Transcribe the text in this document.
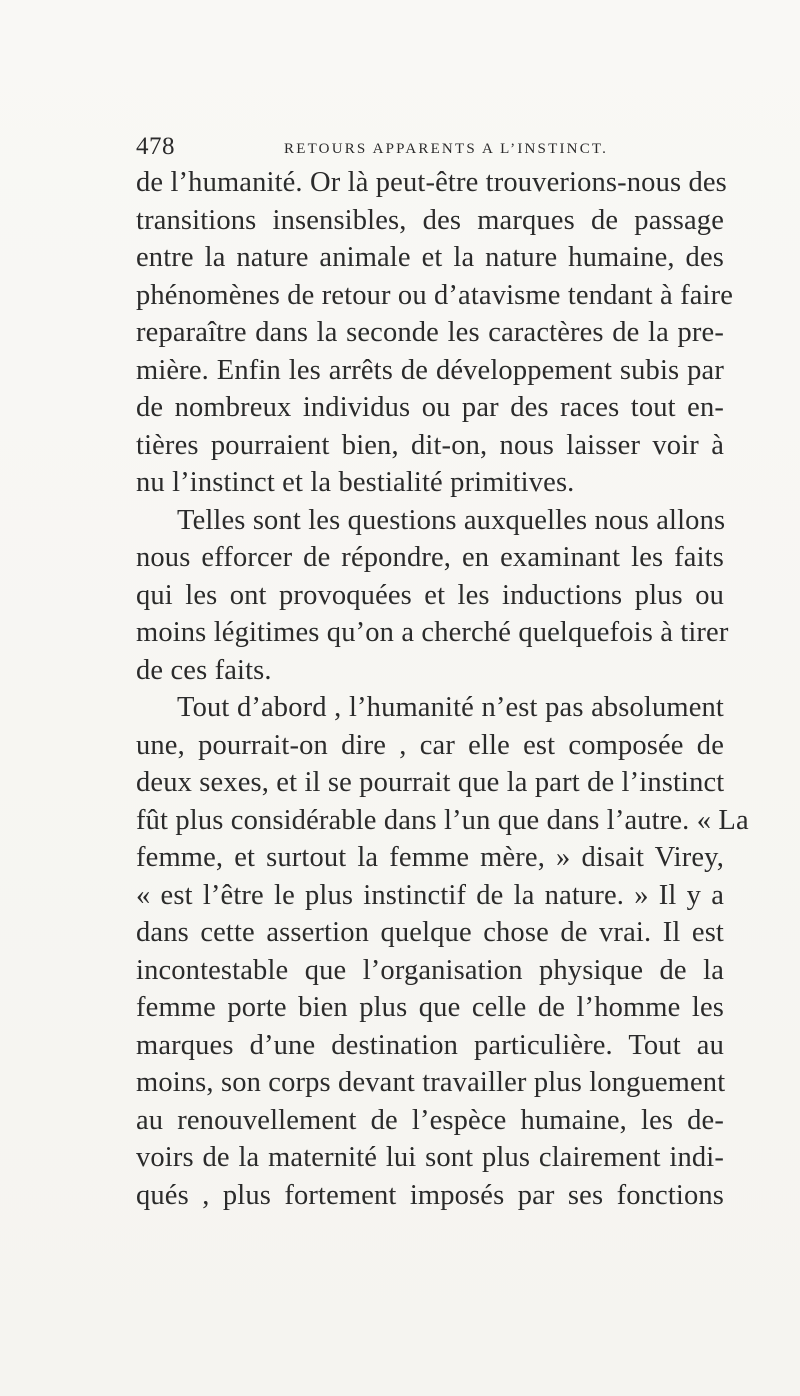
478	RETOURS APPARENTS A L’INSTINCT.
de l’humanité. Or là peut-être trouverions-nous des
transitions insensibles, des marques de passage
entre la nature animale et la nature humaine, des
phénomènes de retour ou d’atavisme tendant à faire
reparaître dans la seconde les caractères de la pre-
mière. Enfin les arrêts de développement subis par
de nombreux individus ou par des races tout en-
tières pourraient bien, dit-on, nous laisser voir à
nu l’instinct et la bestialité primitives.
Telles sont les questions auxquelles nous allons
nous efforcer de répondre, en examinant les faits
qui les ont provoquées et les inductions plus ou
moins légitimes qu’on a cherché quelquefois à tirer
de ces faits.
Tout d’abord , l’humanité n’est pas absolument
une, pourrait-on dire , car elle est composée de
deux sexes, et il se pourrait que la part de l’instinct
fût plus considérable dans l’un que dans l’autre. « La
femme, et surtout la femme mère, » disait Virey,
« est l’être le plus instinctif de la nature. » Il y a
dans cette assertion quelque chose de vrai. Il est
incontestable que l’organisation physique de la
femme porte bien plus que celle de l’homme les
marques d’une destination particulière. Tout au
moins, son corps devant travailler plus longuement
au renouvellement de l’espèce humaine, les de-
voirs de la maternité lui sont plus clairement indi-
qués , plus fortement imposés par ses fonctions
